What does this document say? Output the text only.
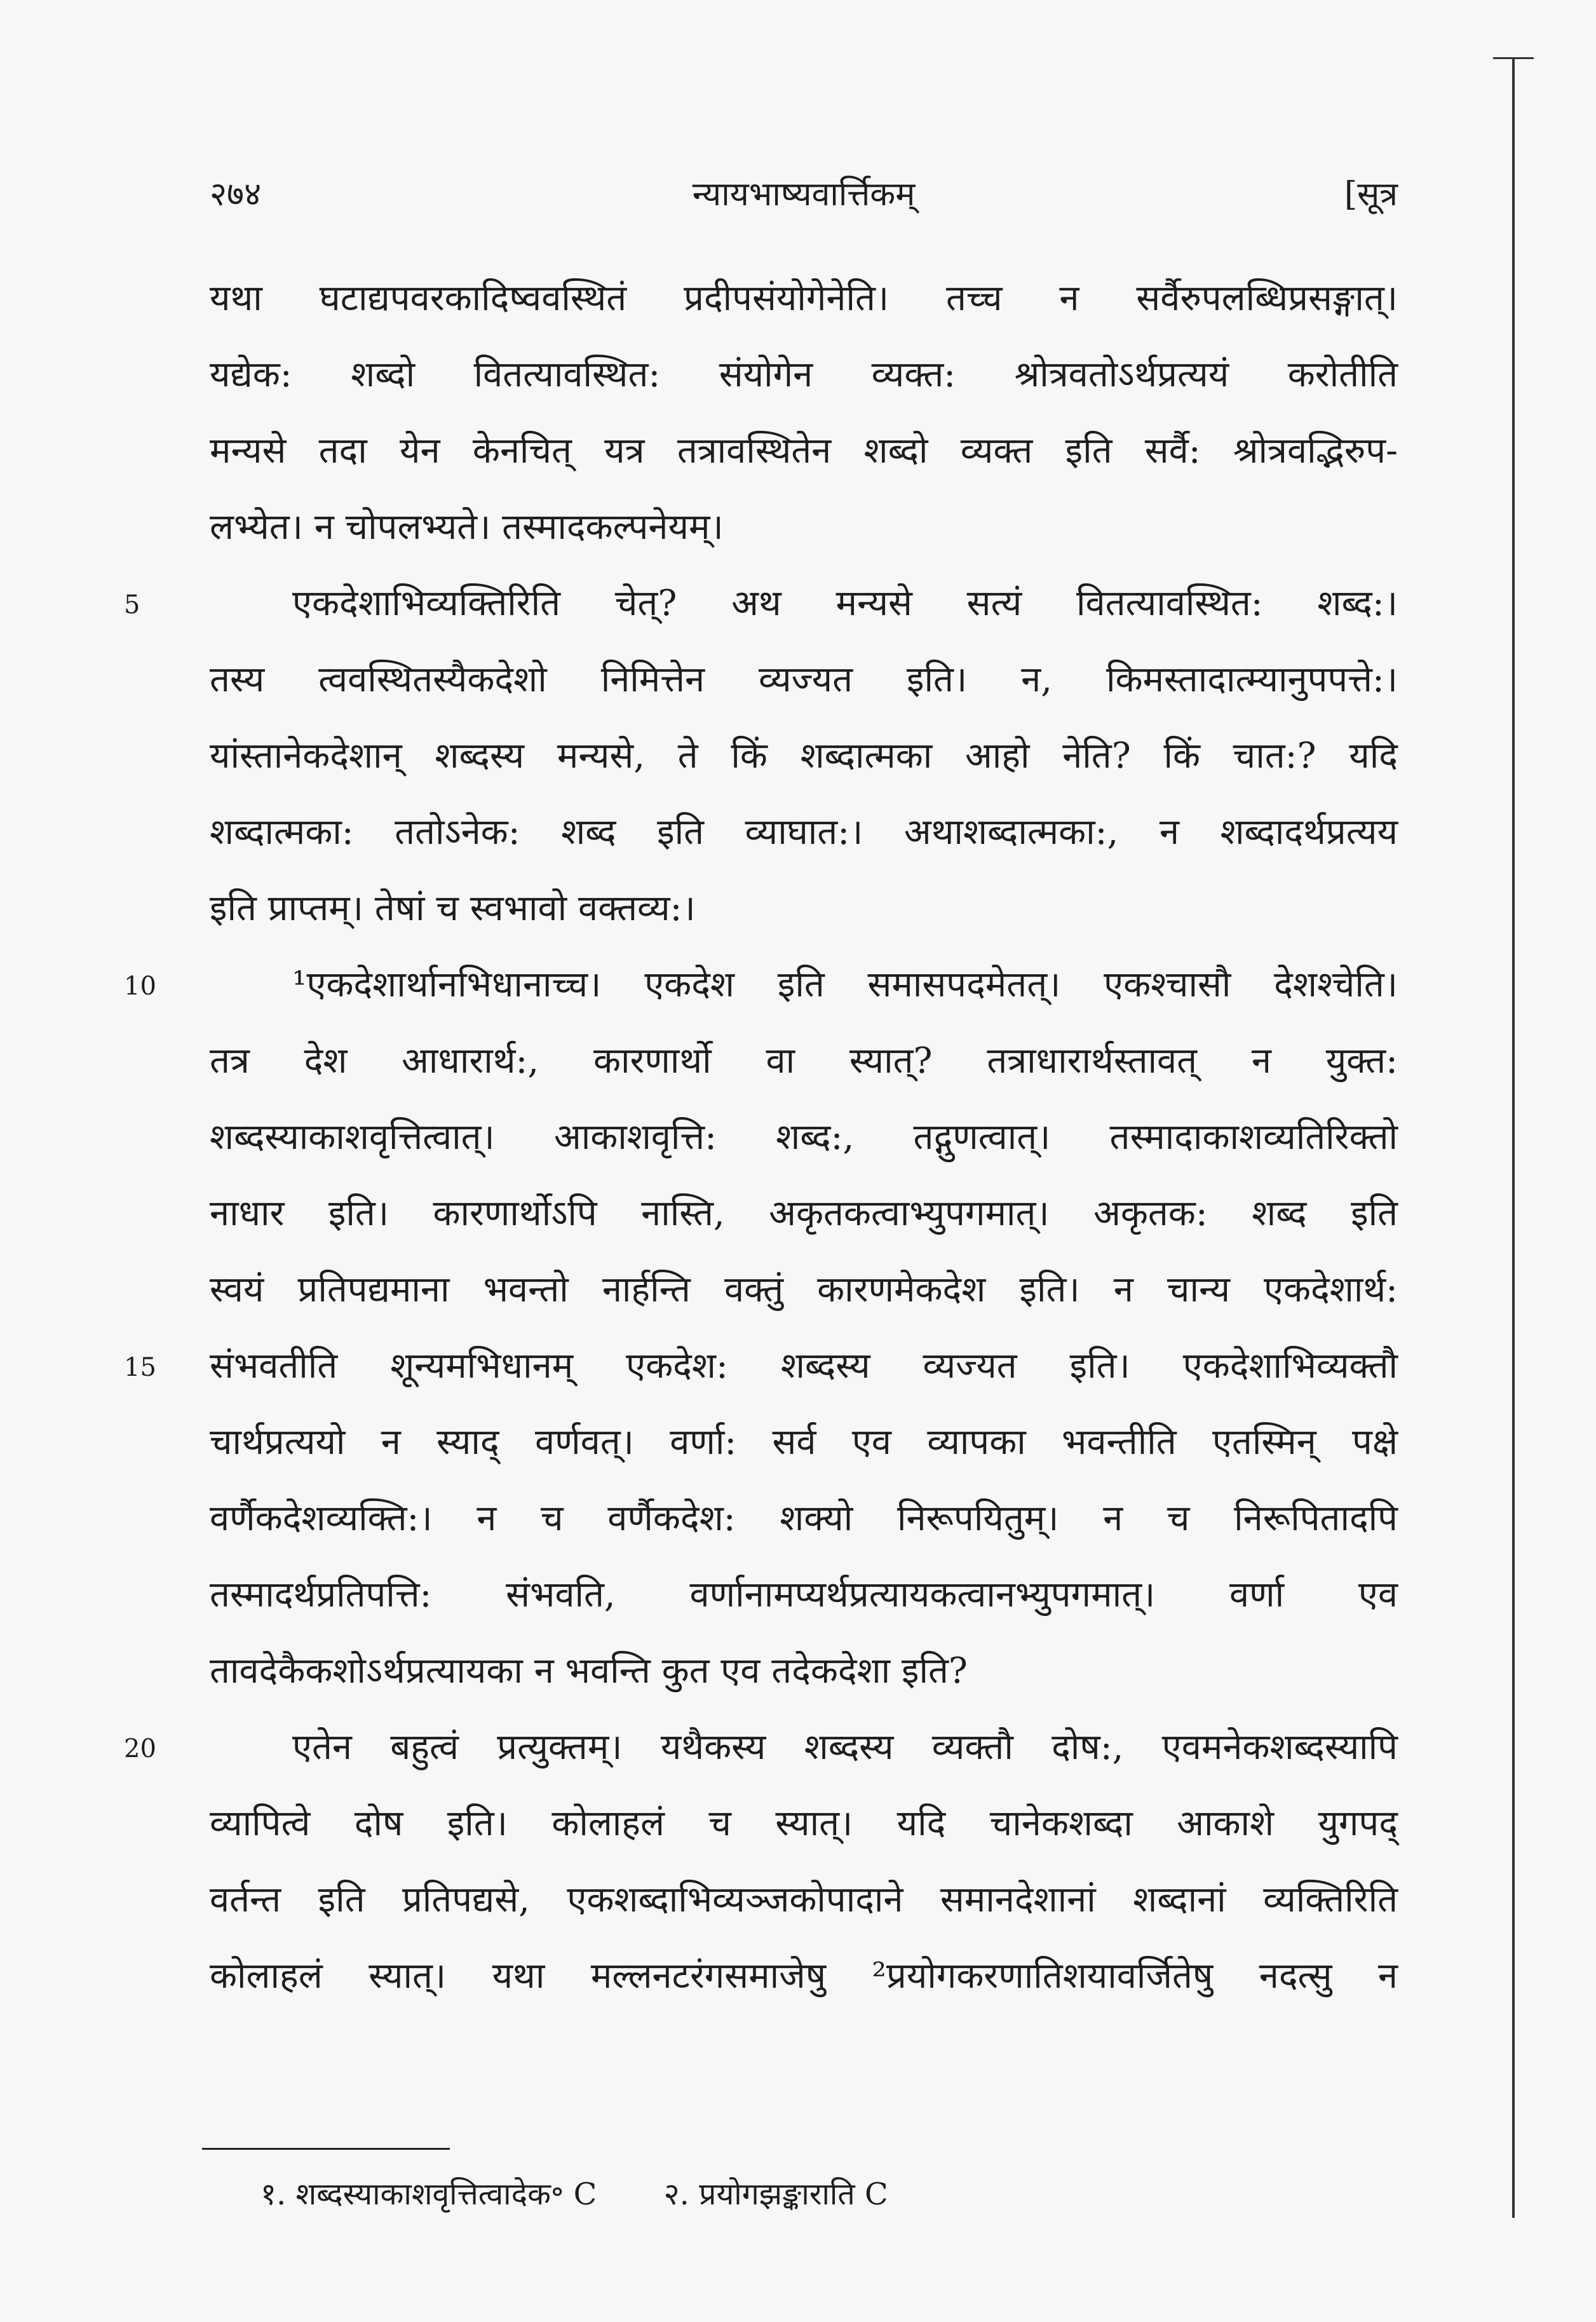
२७४	न्यायभाष्यवार्त्तिकम्	[सूत्र
यथा घटाद्यपवरकादिष्ववस्थितं प्रदीपसंयोगेनेति। तच्च न सर्वैरुपलब्धिप्रसङ्गात्।
यद्येक: शब्दो वितत्यावस्थित: संयोगेन व्यक्त: श्रोत्रवतोऽर्थप्रत्ययं करोतीति
मन्यसे तदा येन केनचित् यत्र तत्रावस्थितेन शब्दो व्यक्त इति सर्वै: श्रोत्रवद्भिरुप-
लभ्येत। न चोपलभ्यते। तस्मादकल्पनेयम्।
5	एकदेशाभिव्यक्तिरिति चेत्? अथ मन्यसे सत्यं वितत्यावस्थित: शब्द:।
तस्य त्ववस्थितस्यैकदेशो निमित्तेन व्यज्यत इति। न, किमस्तादात्म्यानुपपत्ते:।
यांस्तानेकदेशान् शब्दस्य मन्यसे, ते किं शब्दात्मका आहो नेति? किं चात:? यदि
शब्दात्मका: ततोऽनेक: शब्द इति व्याघात:। अथाशब्दात्मका:, न शब्दादर्थप्रत्यय
इति प्राप्तम्। तेषां च स्वभावो वक्तव्य:।
10	¹एकदेशार्थानभिधानाच्च। एकदेश इति समासपदमेतत्। एकश्चासौ देशश्चेति।
तत्र देश आधारार्थ:, कारणार्थो वा स्यात्? तत्राधारार्थस्तावत् न युक्त:
शब्दस्याकाशवृत्तित्वात्। आकाशवृत्ति: शब्द:, तद्गुणत्वात्। तस्मादाकाशव्यतिरिक्तो
नाधार इति। कारणार्थोऽपि नास्ति, अकृतकत्वाभ्युपगमात्। अकृतक: शब्द इति
स्वयं प्रतिपद्यमाना भवन्तो नार्हन्ति वक्तुं कारणमेकदेश इति। न चान्य एकदेशार्थ:
15	संभवतीति शून्यमभिधानम् एकदेश: शब्दस्य व्यज्यत इति। एकदेशाभिव्यक्तौ
चार्थप्रत्ययो न स्याद् वर्णवत्। वर्णा: सर्व एव व्यापका भवन्तीति एतस्मिन् पक्षे
वर्णैकदेशव्यक्ति:। न च वर्णैकदेश: शक्यो निरूपयितुम्। न च निरूपितादपि
तस्मादर्थप्रतिपत्ति: संभवति, वर्णानामप्यर्थप्रत्यायकत्वानभ्युपगमात्। वर्णा एव
तावदेकैकशोऽर्थप्रत्यायका न भवन्ति कुत एव तदेकदेशा इति?
20	एतेन बहुत्वं प्रत्युक्तम्। यथैकस्य शब्दस्य व्यक्तौ दोष:, एवमनेकशब्दस्यापि
व्यापित्वे दोष इति। कोलाहलं च स्यात्। यदि चानेकशब्दा आकाशे युगपद्
वर्तन्त इति प्रतिपद्यसे, एकशब्दाभिव्यञ्जकोपादाने समानदेशानां शब्दानां व्यक्तिरिति
कोलाहलं स्यात्। यथा मल्लनटरंगसमाजेषु ²प्रयोगकरणातिशयावर्जितेषु नदत्सु न
१. शब्दस्याकाशवृत्तित्वादेक॰ C २. प्रयोगझङ्काराति C
